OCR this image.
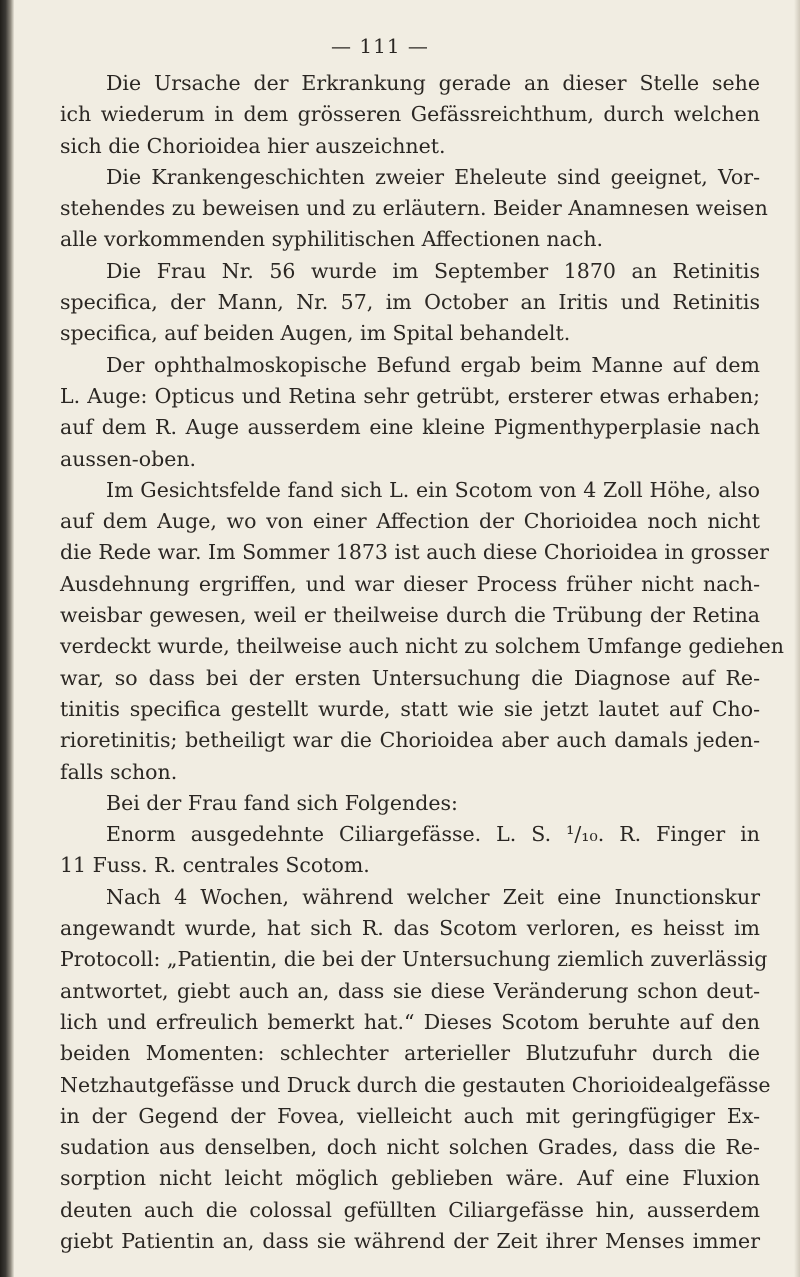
— 111 —
Die Ursache der Erkrankung gerade an dieser Stelle sehe
ich wiederum in dem grösseren Gefässreichthum, durch welchen
sich die Chorioidea hier auszeichnet.
Die Krankengeschichten zweier Eheleute sind geeignet, Vor-
stehendes zu beweisen und zu erläutern. Beider Anamnesen weisen
alle vorkommenden syphilitischen Affectionen nach.
Die Frau Nr. 56 wurde im September 1870 an Retinitis
specifica, der Mann, Nr. 57, im October an Iritis und Retinitis
specifica, auf beiden Augen, im Spital behandelt.
Der ophthalmoskopische Befund ergab beim Manne auf dem
L. Auge: Opticus und Retina sehr getrübt, ersterer etwas erhaben;
auf dem R. Auge ausserdem eine kleine Pigmenthyperplasie nach
aussen-oben.
Im Gesichtsfelde fand sich L. ein Scotom von 4 Zoll Höhe, also
auf dem Auge, wo von einer Affection der Chorioidea noch nicht
die Rede war. Im Sommer 1873 ist auch diese Chorioidea in grosser
Ausdehnung ergriffen, und war dieser Process früher nicht nach-
weisbar gewesen, weil er theilweise durch die Trübung der Retina
verdeckt wurde, theilweise auch nicht zu solchem Umfange gediehen
war, so dass bei der ersten Untersuchung die Diagnose auf Re-
tinitis specifica gestellt wurde, statt wie sie jetzt lautet auf Cho-
rioretinitis; betheiligt war die Chorioidea aber auch damals jeden-
falls schon.
Bei der Frau fand sich Folgendes:
Enorm ausgedehnte Ciliargefässe. L. S. ¹/₁₀. R. Finger in
11 Fuss. R. centrales Scotom.
Nach 4 Wochen, während welcher Zeit eine Inunctionskur
angewandt wurde, hat sich R. das Scotom verloren, es heisst im
Protocoll: „Patientin, die bei der Untersuchung ziemlich zuverlässig
antwortet, giebt auch an, dass sie diese Veränderung schon deut-
lich und erfreulich bemerkt hat.“ Dieses Scotom beruhte auf den
beiden Momenten: schlechter arterieller Blutzufuhr durch die
Netzhautgefässe und Druck durch die gestauten Chorioidealgefässe
in der Gegend der Fovea, vielleicht auch mit geringfügiger Ex-
sudation aus denselben, doch nicht solchen Grades, dass die Re-
sorption nicht leicht möglich geblieben wäre. Auf eine Fluxion
deuten auch die colossal gefüllten Ciliargefässe hin, ausserdem
giebt Patientin an, dass sie während der Zeit ihrer Menses immer
